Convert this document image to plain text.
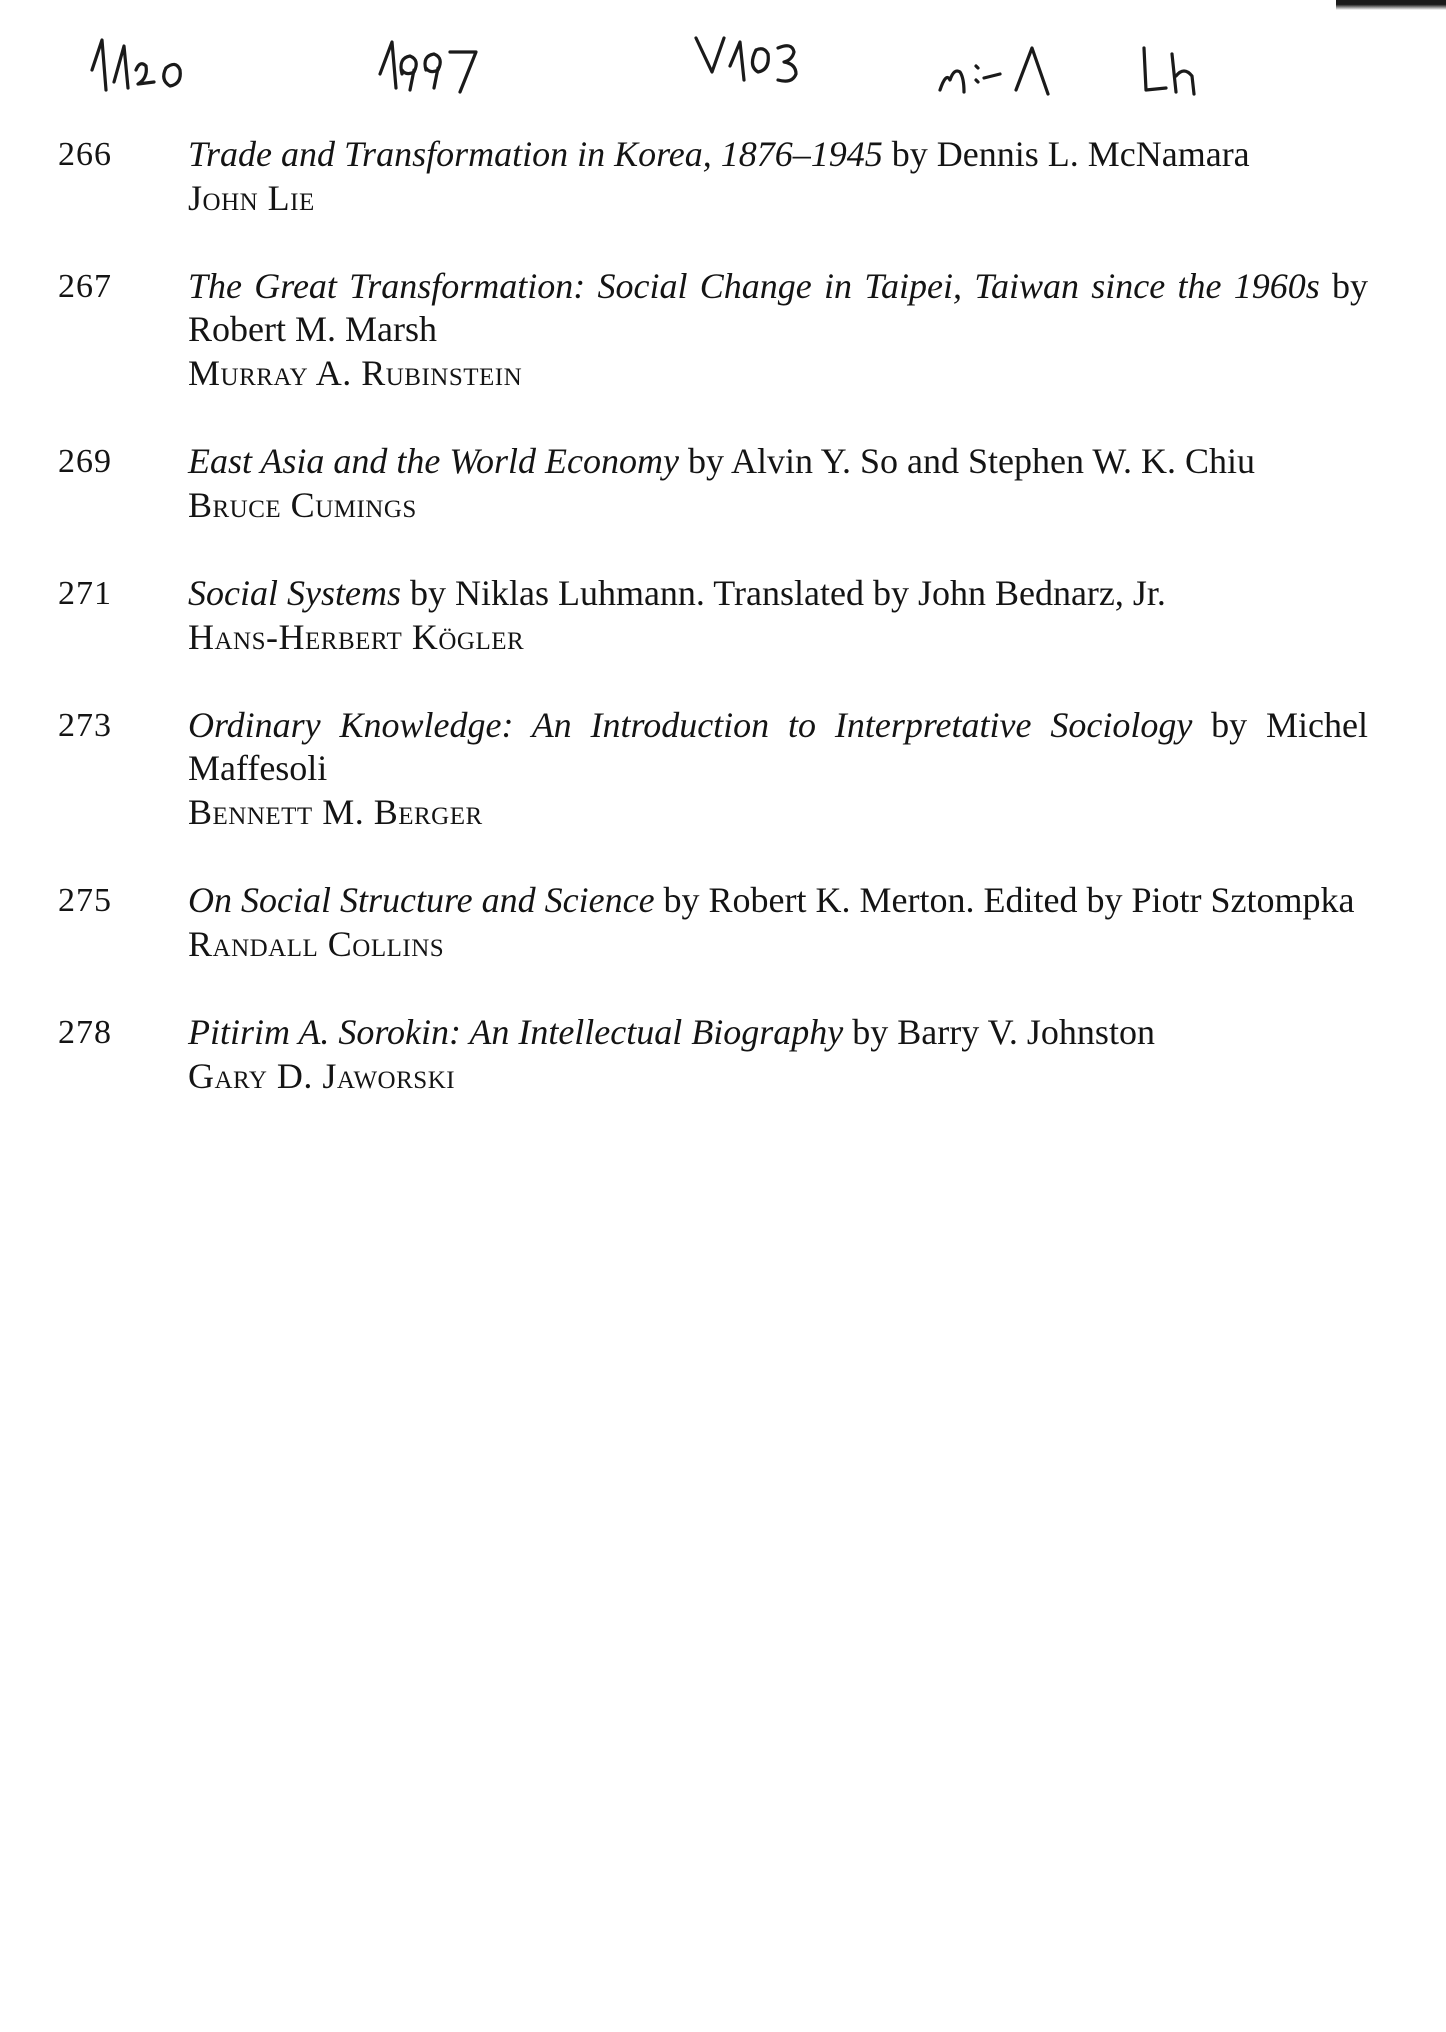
266	Trade and Transformation in Korea, 1876–1945 by Dennis L. McNamara
John Lie
267	The Great Transformation: Social Change in Taipei, Taiwan since the 1960s by Robert M. Marsh
Murray A. Rubinstein
269	East Asia and the World Economy by Alvin Y. So and Stephen W. K. Chiu
Bruce Cumings
271	Social Systems by Niklas Luhmann. Translated by John Bednarz, Jr.
Hans-Herbert Kögler
273	Ordinary Knowledge: An Introduction to Interpretative Sociology by Michel Maffesoli
Bennett M. Berger
275	On Social Structure and Science by Robert K. Merton. Edited by Piotr Sztompka
Randall Collins
278	Pitirim A. Sorokin: An Intellectual Biography by Barry V. Johnston
Gary D. Jaworski
